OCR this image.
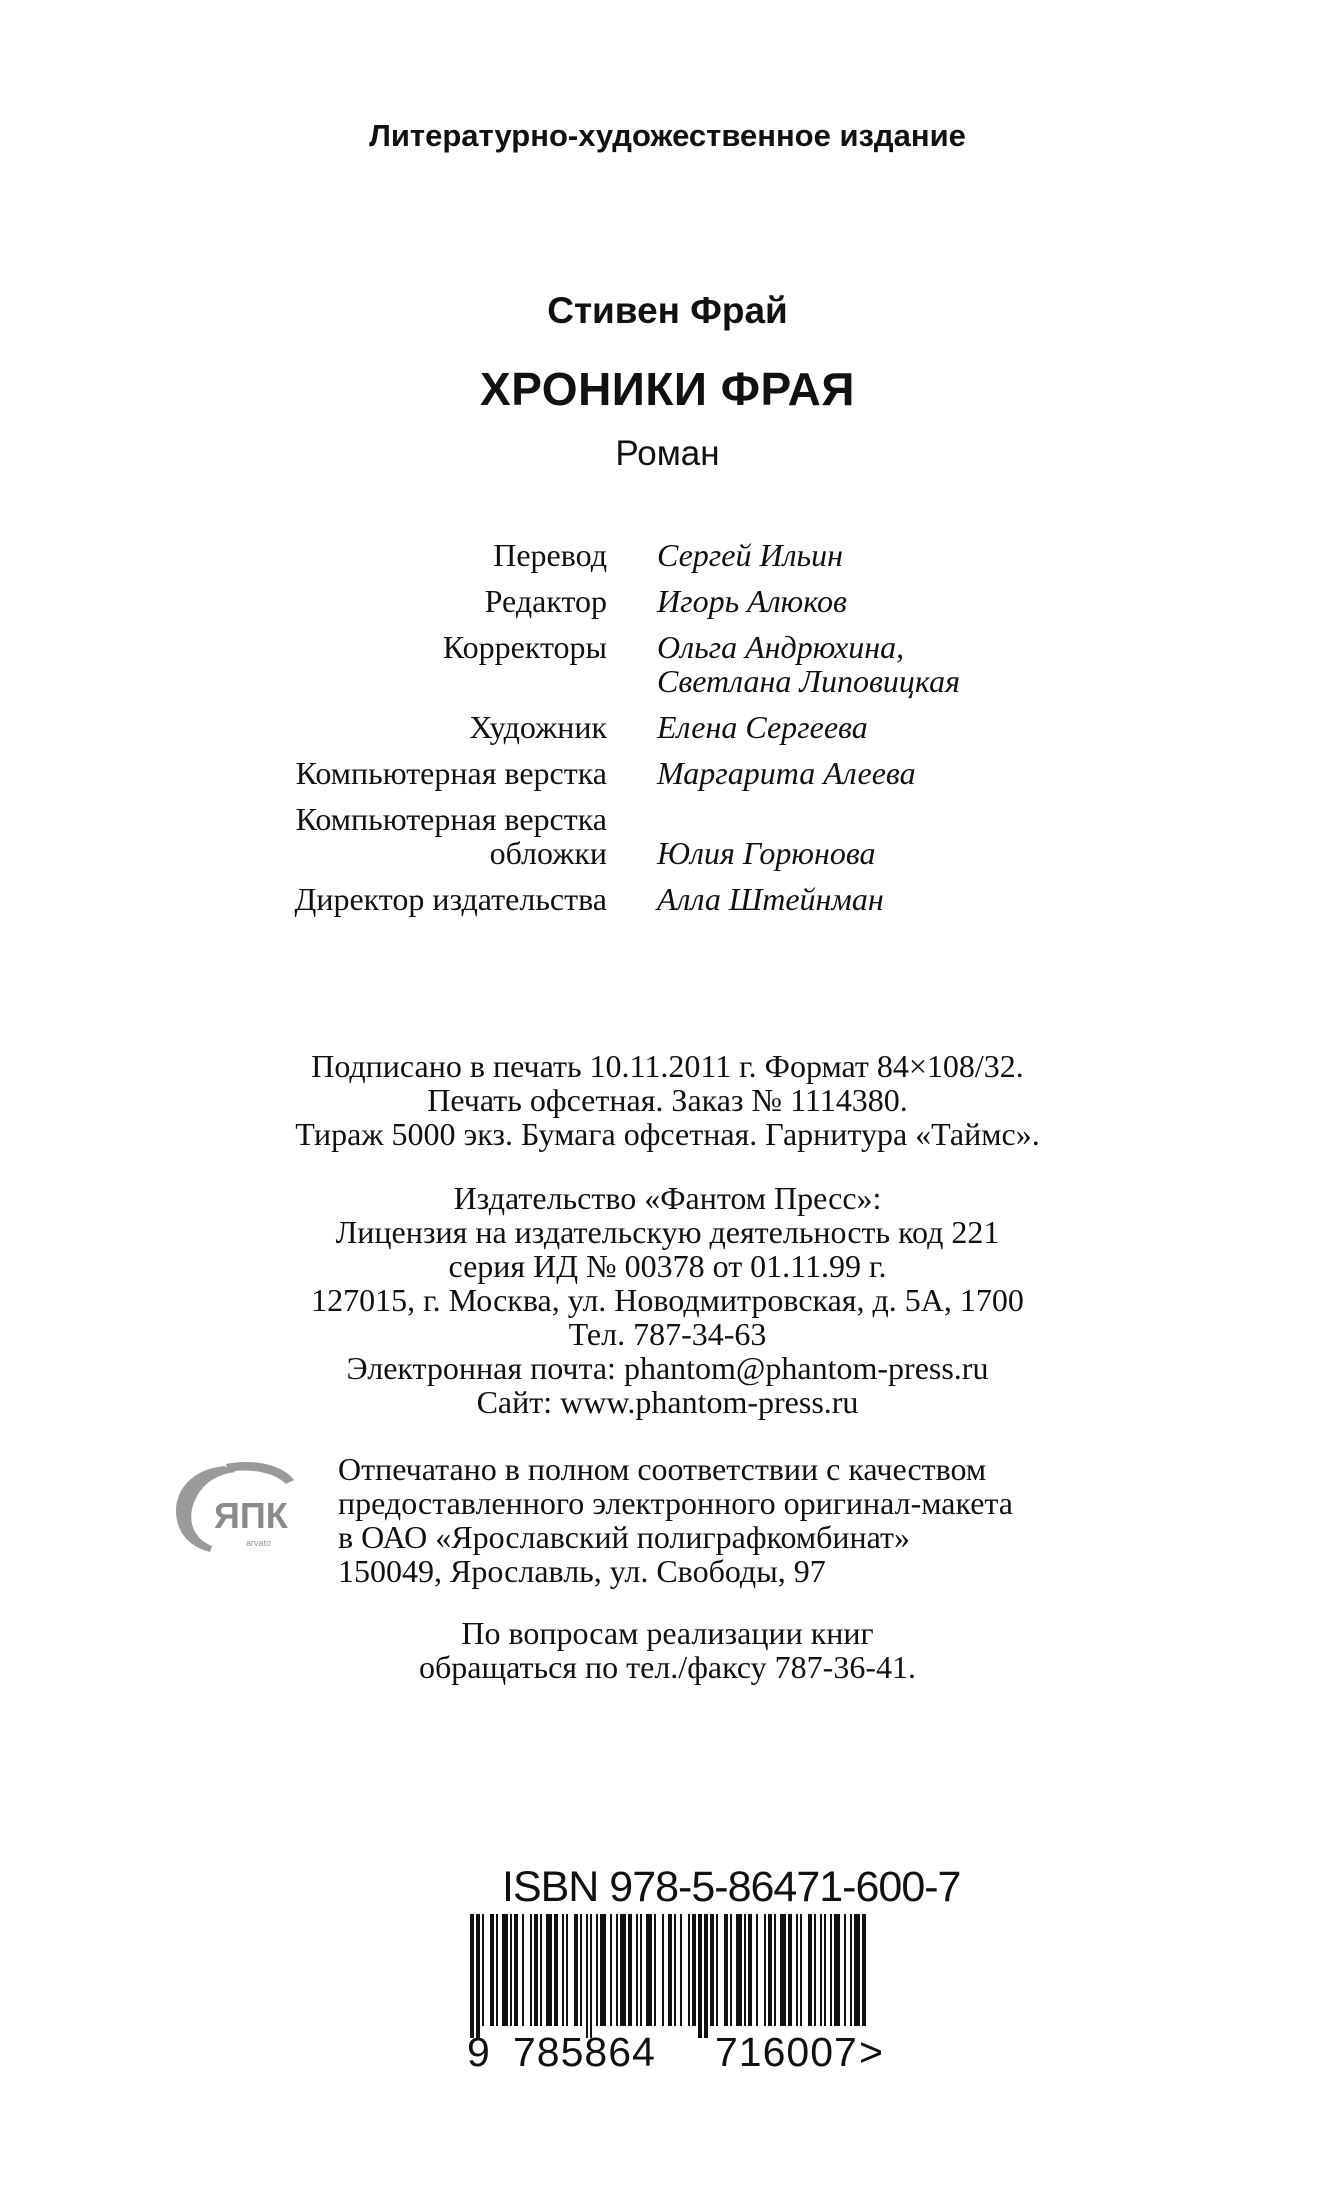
Литературно-художественное издание
Стивен Фрай
ХРОНИКИ ФРАЯ
Роман
Перевод Сергей Ильин
Редактор Игорь Алюков
Корректоры Ольга Андрюхина,
Светлана Липовицкая
Художник Елена Сергеева
Компьютерная верстка Маргарита Алеева
Компьютерная верстка
обложки Юлия Горюнова
Директор издательства Алла Штейнман
Подписано в печать 10.11.2011 г. Формат 84×108/32.
Печать офсетная. Заказ № 1114380.
Тираж 5000 экз. Бумага офсетная. Гарнитура «Таймс».
Издательство «Фантом Пресс»:
Лицензия на издательскую деятельность код 221
серия ИД № 00378 от 01.11.99 г.
127015, г. Москва, ул. Новодмитровская, д. 5А, 1700
Тел. 787-34-63
Электронная почта: phantom@phantom-press.ru
Сайт: www.phantom-press.ru
ЯПК
arvato
Отпечатано в полном соответствии с качеством
предоставленного электронного оригинал-макета
в ОАО «Ярославский полиграфкомбинат»
150049, Ярославль, ул. Свободы, 97
По вопросам реализации книг
обращаться по тел./факсу 787-36-41.
ISBN 978-5-86471-600-7
9 785864 716007 >
